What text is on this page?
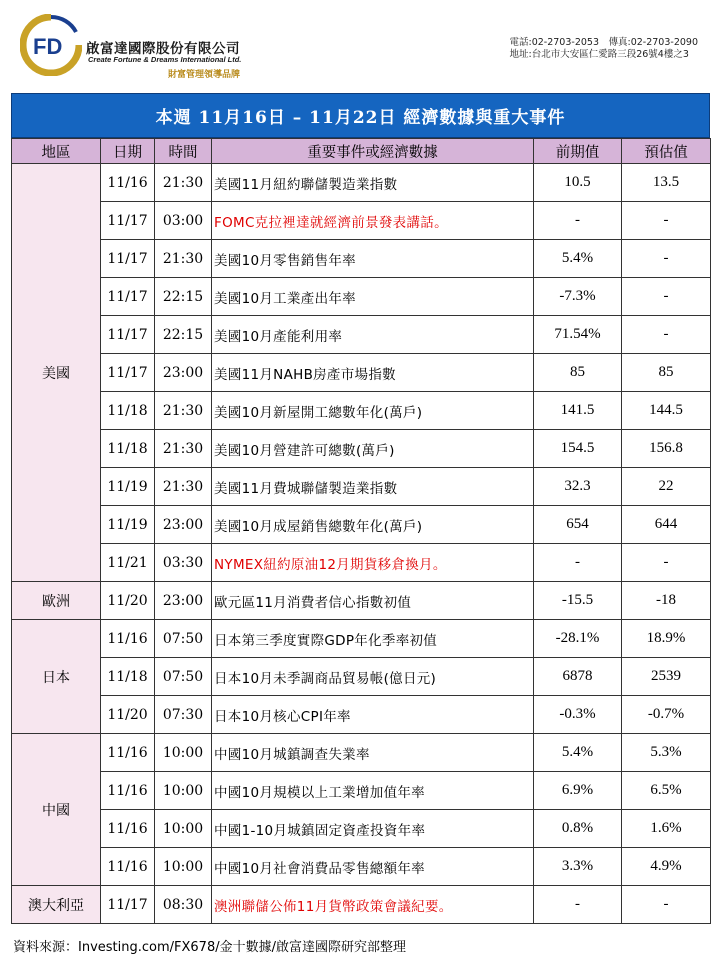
FD 啟富達國際股份有限公司
Create Fortune & Dreams International Ltd.
財富管理領導品牌
電話:02-2703-2053　傳真:02-2703-2090
地址:台北市大安區仁愛路三段26號4樓之3
本週 11月16日 – 11月22日 經濟數據與重大事件
地區	日期	時間	重要事件或經濟數據	前期值	預估值
美國	11/16	21:30	美國11月紐約聯儲製造業指數	10.5	13.5
	11/17	03:00	FOMC克拉裡達就經濟前景發表講話。	-	-
	11/17	21:30	美國10月零售銷售年率	5.4%	-
	11/17	22:15	美國10月工業產出年率	-7.3%	-
	11/17	22:15	美國10月產能利用率	71.54%	-
	11/17	23:00	美國11月NAHB房產市場指數	85	85
	11/18	21:30	美國10月新屋開工總數年化(萬戶)	141.5	144.5
	11/18	21:30	美國10月營建許可總數(萬戶)	154.5	156.8
	11/19	21:30	美國11月費城聯儲製造業指數	32.3	22
	11/19	23:00	美國10月成屋銷售總數年化(萬戶)	654	644
	11/21	03:30	NYMEX紐約原油12月期貨移倉換月。	-	-
歐洲	11/20	23:00	歐元區11月消費者信心指數初值	-15.5	-18
日本	11/16	07:50	日本第三季度實際GDP年化季率初值	-28.1%	18.9%
	11/18	07:50	日本10月未季調商品貿易帳(億日元)	6878	2539
	11/20	07:30	日本10月核心CPI年率	-0.3%	-0.7%
中國	11/16	10:00	中國10月城鎮調查失業率	5.4%	5.3%
	11/16	10:00	中國10月規模以上工業增加值年率	6.9%	6.5%
	11/16	10:00	中國1-10月城鎮固定資產投資年率	0.8%	1.6%
	11/16	10:00	中國10月社會消費品零售總額年率	3.3%	4.9%
澳大利亞	11/17	08:30	澳洲聯儲公佈11月貨幣政策會議紀要。	-	-
資料來源：Investing.com/FX678/金十數據/啟富達國際研究部整理
